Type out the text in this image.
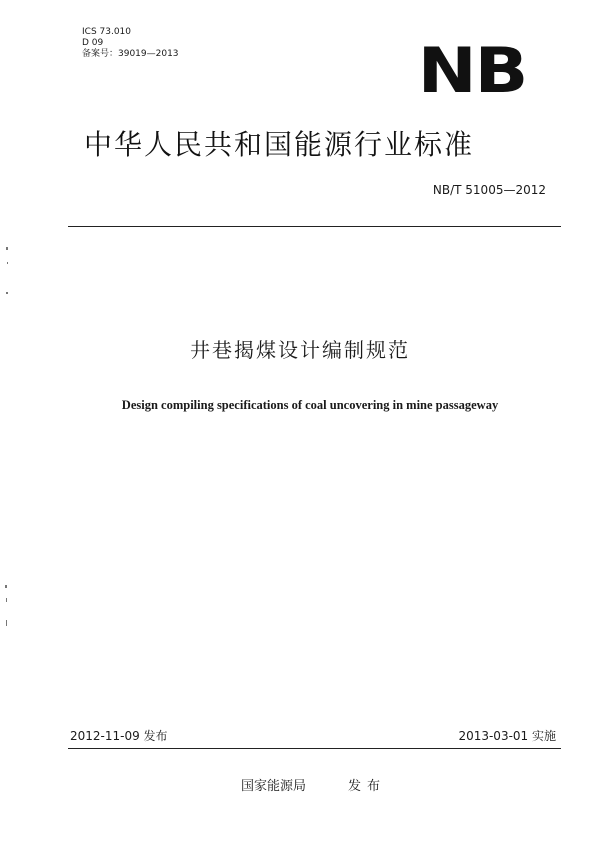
ICS 73.010
D 09
备案号：39019—2013	NB
中华人民共和国能源行业标准
NB/T 51005—2012
井巷揭煤设计编制规范
Design compiling specifications of coal uncovering in mine passageway
2012-11-09 发布	2013-03-01 实施
国家能源局	发布
